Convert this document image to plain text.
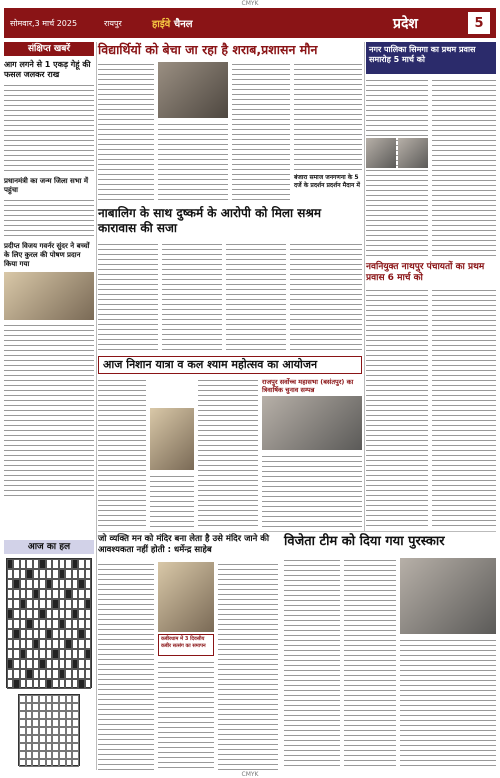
CMYK
सोमवार,3 मार्च 2025	रायपुर	हाईवे चैनल	प्रदेश	5
संक्षिप्त खबरें
आग लगने से 1 एकड़ गेहूं की फसल जलकर राख
प्रधानमंत्री का जन्म जिला सभा में पहुंचा
प्रदीप्त विजय गवर्नर सुंदर ने बच्चों के लिए कुरल की पोषण प्रदान किया गया
आज का हल
विद्यार्थियों को बेचा जा रहा है शराब,प्रशासन मौन
बंजारा समाज जनगणना के 5 दर्जे के प्रदर्शन प्रदर्शन मैदान में
नाबालिग के साथ दुष्कर्म के आरोपी को मिला सश्रम कारावास की सजा
आज निशान यात्रा व कल श्याम महोत्सव का आयोजन
राजपुर सर्वोच्च महासभा (बसंतपुर) का त्रिवार्षिक चुनाव सम्पन्न
नगर पालिका सिमगा का प्रथम प्रवास समारोह 5 मार्च को
नवनियुक्त नाथपुर पंचायतों का प्रथम प्रवास 6 मार्च को
जो व्यक्ति मन को मंदिर बना लेता है उसे मंदिर जाने की आवश्यकता नहीं होती : धर्मेन्द्र साहेब
कबीरधाम में 3 दिवसीय कबीर सत्संग का समापन
विजेता टीम को दिया गया पुरस्कार
CMYK
